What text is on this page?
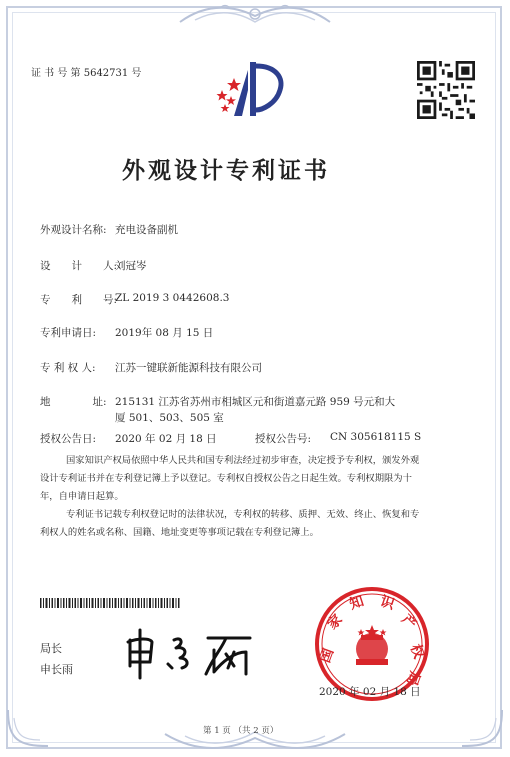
证 书 号 第 5642731 号
外观设计专利证书
外观设计名称: 充电设备副机
设　　计　　人:
刘冠岑
专　　利　　号:
ZL 2019 3 0442608.3
专利申请日: 2019年 08 月 15 日
专 利 权 人: 江苏一键联新能源科技有限公司
地　　　　址: 215131 江苏省苏州市相城区元和街道嘉元路 959 号元和大
厦 501、503、505 室
授权公告日: 2020 年 02 月 18 日	授权公告号: CN 305618115 S
国家知识产权局依照中华人民共和国专利法经过初步审查，决定授予专利权，颁发外观
设计专利证书并在专利登记簿上予以登记。专利权自授权公告之日起生效。专利权期限为十
年，自申请日起算。
专利证书记载专利权登记时的法律状况，专利权的转移、质押、无效、终止、恢复和专
利权人的姓名或名称、国籍、地址变更等事项记载在专利登记簿上。
局长
申长雨
国
家
知 识
产
权
局
2020 年 02 月 18 日
第 1 页 （共 2 页）
